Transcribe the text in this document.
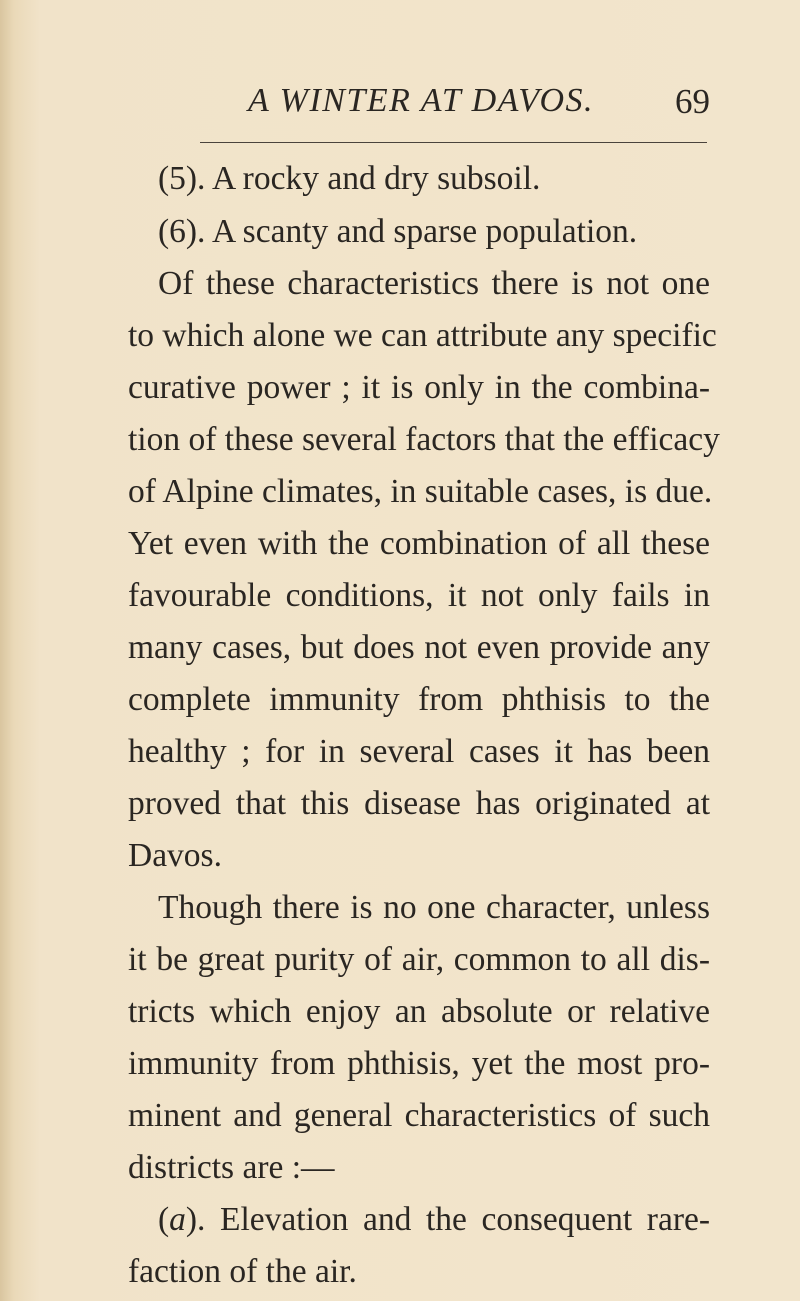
A WINTER AT DAVOS. 69
(5). A rocky and dry subsoil.
(6). A scanty and sparse population.
Of these characteristics there is not one
to which alone we can attribute any specific
curative power ; it is only in the combina-
tion of these several factors that the efficacy
of Alpine climates, in suitable cases, is due.
Yet even with the combination of all these
favourable conditions, it not only fails in
many cases, but does not even provide any
complete immunity from phthisis to the
healthy ; for in several cases it has been
proved that this disease has originated at
Davos.
Though there is no one character, unless
it be great purity of air, common to all dis-
tricts which enjoy an absolute or relative
immunity from phthisis, yet the most pro-
minent and general characteristics of such
districts are :—
(a). Elevation and the consequent rare-
faction of the air.
